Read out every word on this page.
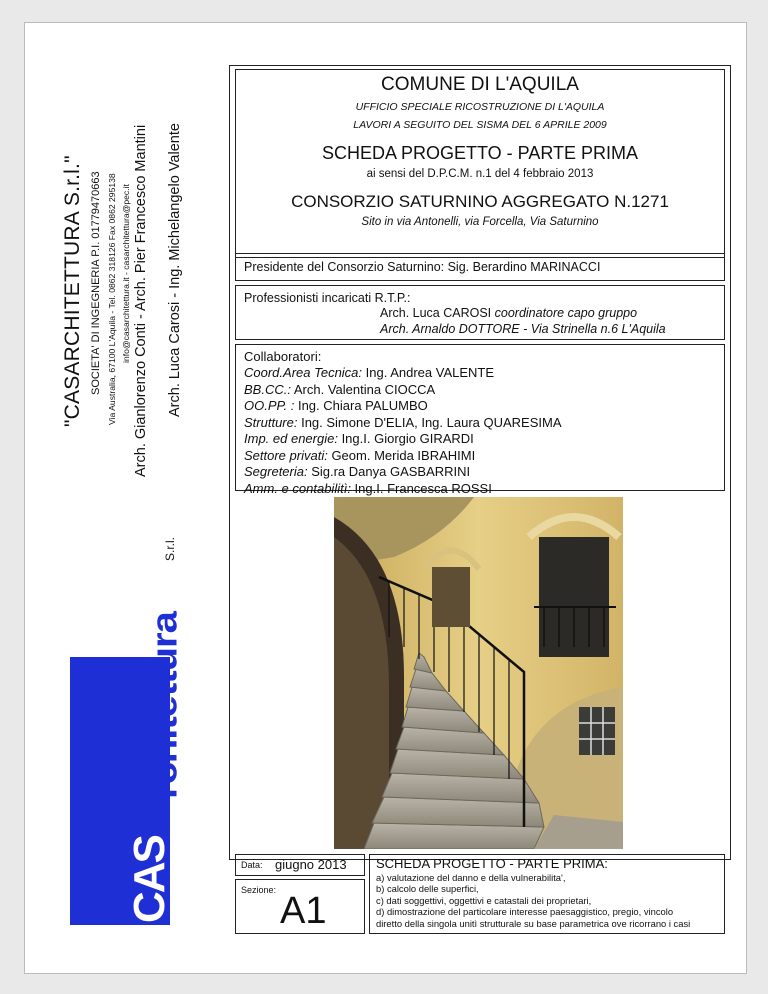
"CASARCHITETTURA S.r.l." SOCIETA' DI INGEGNERIA P.I. 01779470663 Via Australia, 67100 L'Aquila - Tel. 0862 318126 Fax 0862 295138 info@casarchitettura.it - casarchitettura@pec.it Arch. Gianlorenzo Conti - Arch. Pier Francesco Mantini Arch. Luca Carosi - Ing. Michelangelo Valente
S.r.l.
rchitettura
CAS
COMUNE DI L'AQUILA
UFFICIO SPECIALE RICOSTRUZIONE DI L'AQUILA
LAVORI A SEGUITO DEL SISMA DEL 6 APRILE 2009
SCHEDA PROGETTO - PARTE PRIMA
ai sensi del D.P.C.M. n.1 del 4 febbraio 2013
CONSORZIO SATURNINO AGGREGATO N.1271
Sito in via Antonelli, via Forcella, Via Saturnino
Presidente del Consorzio Saturnino: Sig. Berardino MARINACCI
Professionisti incaricati R.T.P.:
Arch. Luca CAROSI coordinatore capo gruppo
Arch. Arnaldo DOTTORE - Via Strinella n.6 L'Aquila
Collaboratori:
Coord.Area Tecnica: Ing. Andrea VALENTE
BB.CC.: Arch. Valentina CIOCCA
OO.PP. : Ing. Chiara PALUMBO
Strutture: Ing. Simone D'ELIA, Ing. Laura QUARESIMA
Imp. ed energie: Ing.I. Giorgio GIRARDI
Settore privati: Geom. Merida IBRAHIMI
Segreteria: Sig.ra Danya GASBARRINI
Amm. e contabilitì: Ing.I. Francesca ROSSI
Data: giugno 2013
Sezione: A1
SCHEDA PROGETTO - PARTE PRIMA:
a) valutazione del danno e della vulnerabilita',
b) calcolo delle superfici,
c) dati soggettivi, oggettivi e catastali dei proprietari,
d) dimostrazione del particolare interesse paesaggistico, pregio, vincolo
diretto della singola unitì strutturale su base parametrica ove ricorrano i casi
